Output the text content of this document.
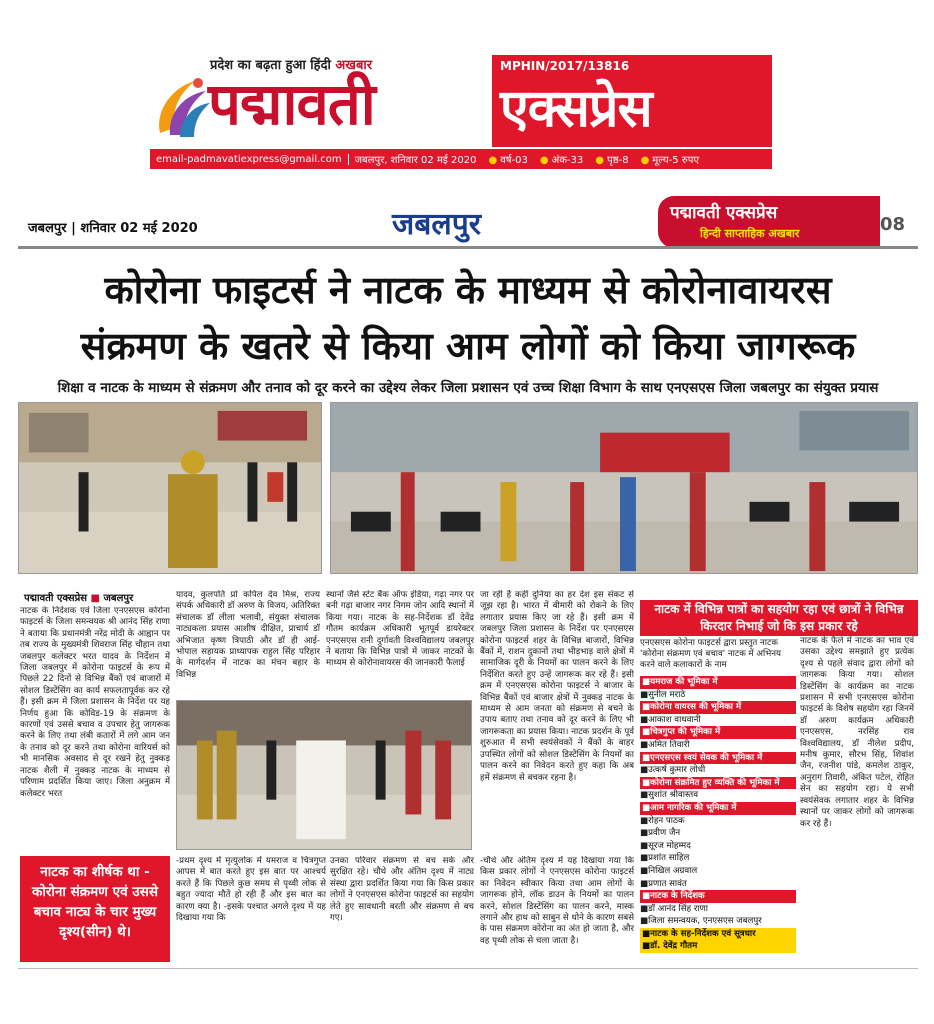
प्रदेश का बढ़ता हुआ हिंदी अखबार
पद्मावती
MPHIN/2017/13816
एक्सप्रेस
email-padmavatiexpress@gmail.com	जबलपुर, शनिवार 02 मई 2020	● वर्ष-03	● अंक-33	● पृष्ठ-8	● मूल्य-5 रुपए
जबलपुर | शनिवार 02 मई 2020	जबलपुर	पद्मावती एक्सप्रेस
हिन्दी साप्ताहिक अखबार	08
कोरोना फाइटर्स ने नाटक के माध्यम से कोरोनावायरस
संक्रमण के खतरे से किया आम लोगों को किया जागरूक
शिक्षा व नाटक के माध्यम से संक्रमण और तनाव को दूर करने का उद्देश्य लेकर जिला प्रशासन एवं उच्च शिक्षा विभाग के साथ एनएसएस जिला जबलपुर का संयुक्त प्रयास
पद्मावती एक्सप्रेस ■ जबलपुर
नाटक के निर्देशक एवं जिला एनएसएस कोरोना फाइटर्स के जिला समन्वयक श्री आनंद सिंह राणा ने बताया कि प्रधानमंत्री नरेंद्र मोदी के आह्वान पर तब राज्य के मुख्यमंत्री शिवराज सिंह चौहान तथा जबलपुर कलेक्टर भरत यादव के निर्देशन में जिला जबलपुर में कोरोना फाइटर्स के रूप में पिछले 22 दिनों से विभिन्न बैंकों एवं बाजारों में सोशल डिस्टेंसिंग का कार्य सफलतापूर्वक कर रहे हैं। इसी क्रम में जिला प्रशासन के निर्देश पर यह निर्णय हुआ कि कोविड-19 के संक्रमण के कारणों एवं उससे बचाव व उपचार हेतु जागरूक करने के लिए तथा लंबी कतारों में लगे आम जन के तनाव को दूर करने तथा कोरोना वारियर्स को भी मानसिक अवसाद से दूर रखने हेतु नुक्कड़ नाटक शैली में नुक्कड़ नाटक के माध्यम से परिणाम प्रदर्शित किया जाए। जिला अनुक्रम में कलेक्टर भरत
यादव, कुलपति प्रो कपिल देव मिश्र, राज्य संपर्क अधिकारी डॉ अरुण के विजय, अतिरिक्त संचालक डॉ लीला भलावी, संयुक्त संचालक नाट्यकला प्रयास आशीष दीक्षित, प्राचार्य डॉ अभिजात कृष्ण त्रिपाठी और डॉ ही आई-भोपाल सहायक प्राध्यापक राहुल सिंह परिहार के मार्गदर्शन में नाटक का मंचन बहार के विभिन्न
स्थानों जैसे स्टेट बैंक ऑफ इंडिया, गढ़ा नगर पर बनी गढ़ा बाजार नगर निगम जोन आदि स्थानों में किया गया। नाटक के सह-निर्देशक डॉ देवेंद्र गौतम कार्यक्रम अधिकारी भूतपूर्व डायरेक्टर एनएसएस रानी दुर्गावती विश्वविद्यालय जबलपुर ने बताया कि विभिन्न पात्रों में जाकर नाटकों के माध्यम से कोरोनावायरस की जानकारी फैलाई
जा रही है कहीं दुनिया का हर देश इस संकट से जूझ रहा है। भारत में बीमारी को रोकने के लिए लगातार प्रयास किए जा रहे हैं। इसी क्रम में जबलपुर जिला प्रशासन के निर्देश पर एनएसएस कोरोना फाइटर्स शहर के विभिन्न बाजारों, विभिन्न बैंकों में, राशन दुकानों तथा भीड़भाड़ वाले क्षेत्रों में सामाजिक दूरी के नियमों का पालन करने के लिए निर्देशित करते हुए उन्हें जागरूक कर रहे हैं। इसी क्रम में एनएसएस कोरोना फाइटर्स ने बाजार के विभिन्न बैंकों एवं बाजार क्षेत्रों में नुक्कड़ नाटक के माध्यम से आम जनता को संक्रमण से बचने के उपाय बताए तथा तनाव को दूर करने के लिए भी जागरूकता का प्रयास किया। नाटक प्रदर्शन के पूर्व शुरुआत में सभी स्वयंसेवकों ने बैंकों के बाहर उपस्थित लोगों को सोशल डिस्टेंसिंग के नियमों का पालन करने का निवेदन करते हुए कहा कि अब हमें संक्रमण से बचकर रहना है।
-प्रथम दृश्य में मृत्युलोक में यमराज व चित्रगुप्त आपस में बात करते हुए इस बात पर आश्चर्य करते हैं कि पिछले कुछ समय से पृथ्वी लोक से बहुत ज्यादा मौतें हो रही हैं और इस बात का कारण क्या है। -इसके पश्चात अगले दृश्य में यह दिखाया गया कि
उनका परिवार संक्रमण से बच सके और सुरक्षित रहे। चौथे और अंतिम दृश्य में नाट्य संस्था द्वारा प्रदर्शित किया गया कि किस प्रकार लोगों ने एनएसएस कोरोना फाइटर्स का सहयोग लेते हुए सावधानी बरती और संक्रमण से बच गए।
-चौथे और अंतिम दृश्य में यह दिखाया गया कि किस प्रकार लोगों ने एनएसएस कोरोना फाइटर्स का निवेदन स्वीकार किया तथा आम लोगों के जागरूक होने, लॉक डाउन के नियमों का पालन करने, सोशल डिस्टेंसिंग का पालन करने, मास्क लगाने और हाथ को साबुन से धोने के कारण सबसे के पास संक्रमण कोरोना का अंत हो जाता है, और वह पृथ्वी लोक से चला जाता है।
नाटक के फैले में नाटक का भाव एवं उसका उद्देश्य समझाते हुए प्रत्येक दृश्य से पहले संवाद द्वारा लोगों को जागरूक किया गया। सोशल डिस्टेंसिंग के कार्यक्रम का नाटक प्रशासन में सभी एनएसएस कोरोना फाइटर्स के विशेष सहयोग रहा जिनमें डॉ अरुण कार्यक्रम अधिकारी एनएसएस, नरसिंह राव विश्वविद्यालय, डॉ नीलेश प्रदीप, मनीष कुमार, सौरभ सिंह, शिवांश जैन, रजनीश पांडे, कमलेश ठाकुर, अनुराग तिवारी, अंकित पटेल, रोहित सेन का सहयोग रहा। ये सभी स्वयंसेवक लगातार शहर के विभिन्न स्थानों पर जाकर लोगों को जागरूक कर रहे हैं।
नाटक का शीर्षक था - कोरोना संक्रमण एवं उससे बचाव नाट्य के चार मुख्य दृश्य(सीन) थे।
नाटक में विभिन्न पात्रों का सहयोग रहा एवं छात्रों ने विभिन्न किरदार निभाई जो कि इस प्रकार रहे
एनएसएस कोरोना फाइटर्स द्वारा प्रस्तुत नाटक 'कोरोना संक्रमण एवं बचाव' नाटक में अभिनय करने वाले कलाकारों के नाम
■ यमराज की भूमिका में
■ सुनील मराठे
■ कोरोना वायरस की भूमिका में
■ आकाश वाधवानी
■ चित्रगुप्त की भूमिका में
■ अमित तिवारी
■ एनएसएस स्वयं सेवक की भूमिका में
■ उत्कर्ष कुमार लोधी
■ कोरोना संक्रमित हुए व्यक्ति की भूमिका में
■ सुशांत श्रीवास्तव
■ आम नागरिक की भूमिका में
■ रोहन पाठक
■ प्रवीण जैन
■ सूरज मोहम्मद
■ प्रशांत साहिल
■ निखिल अग्रवाल
■ प्रणात सावंत
■ नाटक के निर्देशक
■ डॉ आनंद सिंह राणा
■ जिला समन्वयक, एनएसएस जबलपुर
■ नाटक के सह-निर्देशक एवं सूत्रधार
■ डॉ. देवेंद्र गौतम
